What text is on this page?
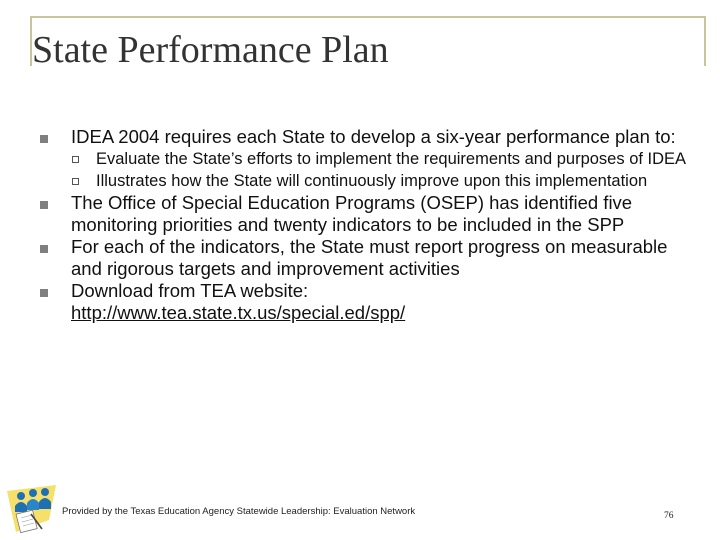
State Performance Plan
IDEA 2004 requires each State to develop a six-year performance plan to:
Evaluate the State’s efforts to implement the requirements and purposes of IDEA
Illustrates how the State will continuously improve upon this implementation
The Office of Special Education Programs (OSEP) has identified five monitoring priorities and twenty indicators to be included in the SPP
For each of the indicators, the State must report progress on measurable and rigorous targets and improvement activities
Download from TEA website:
http://www.tea.state.tx.us/special.ed/spp/
Provided by the Texas Education Agency Statewide Leadership: Evaluation Network	76
